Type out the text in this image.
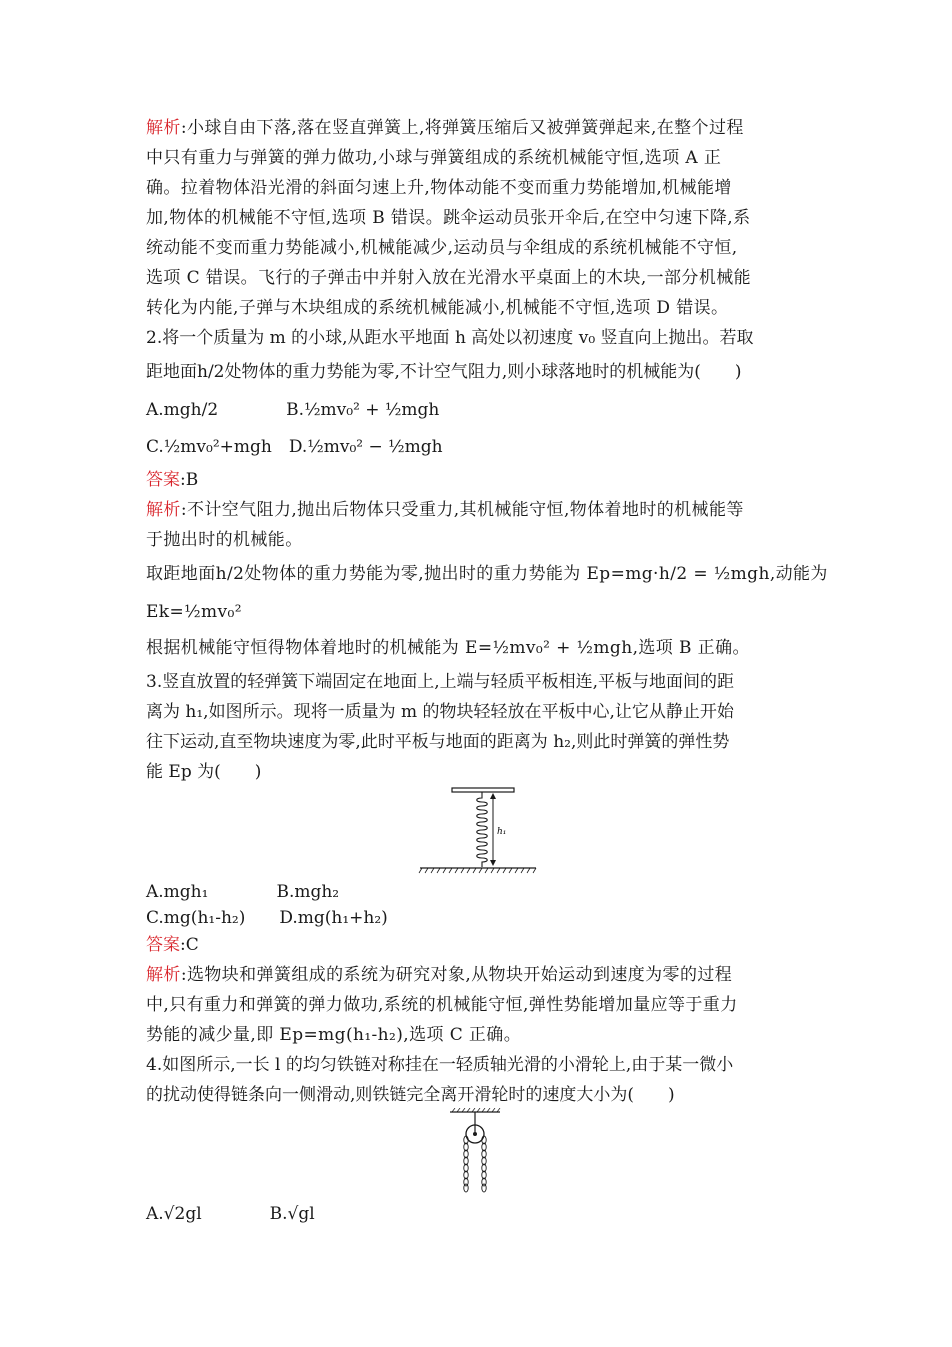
解析:小球自由下落,落在竖直弹簧上,将弹簧压缩后又被弹簧弹起来,在整个过程
中只有重力与弹簧的弹力做功,小球与弹簧组成的系统机械能守恒,选项 A 正
确。拉着物体沿光滑的斜面匀速上升,物体动能不变而重力势能增加,机械能增
加,物体的机械能不守恒,选项 B 错误。跳伞运动员张开伞后,在空中匀速下降,系
统动能不变而重力势能减小,机械能减少,运动员与伞组成的系统机械能不守恒,
选项 C 错误。飞行的子弹击中并射入放在光滑水平桌面上的木块,一部分机械能
转化为内能,子弹与木块组成的系统机械能减小,机械能不守恒,选项 D 错误。
2.将一个质量为 m 的小球,从距水平地面 h 高处以初速度 v₀ 竖直向上抛出。若取
距地面h/2处物体的重力势能为零,不计空气阻力,则小球落地时的机械能为(　　)
A.mgh/2　　　　B.½mv₀² + ½mgh
C.½mv₀²+mgh　D.½mv₀² − ½mgh
答案:B
解析:不计空气阻力,抛出后物体只受重力,其机械能守恒,物体着地时的机械能等
于抛出时的机械能。
取距地面h/2处物体的重力势能为零,抛出时的重力势能为 Ep=mg·h/2 = ½mgh,动能为
Ek=½mv₀²
根据机械能守恒得物体着地时的机械能为 E=½mv₀² + ½mgh,选项 B 正确。
3.竖直放置的轻弹簧下端固定在地面上,上端与轻质平板相连,平板与地面间的距
离为 h₁,如图所示。现将一质量为 m 的物块轻轻放在平板中心,让它从静止开始
往下运动,直至物块速度为零,此时平板与地面的距离为 h₂,则此时弹簧的弹性势
能 Ep 为(　　)
h₁
A.mgh₁　　　　B.mgh₂
C.mg(h₁-h₂)　　D.mg(h₁+h₂)
答案:C
解析:选物块和弹簧组成的系统为研究对象,从物块开始运动到速度为零的过程
中,只有重力和弹簧的弹力做功,系统的机械能守恒,弹性势能增加量应等于重力
势能的减少量,即 Ep=mg(h₁-h₂),选项 C 正确。
4.如图所示,一长 l 的均匀铁链对称挂在一轻质轴光滑的小滑轮上,由于某一微小
的扰动使得链条向一侧滑动,则铁链完全离开滑轮时的速度大小为(　　)
A.√2gl　　　　B.√gl
